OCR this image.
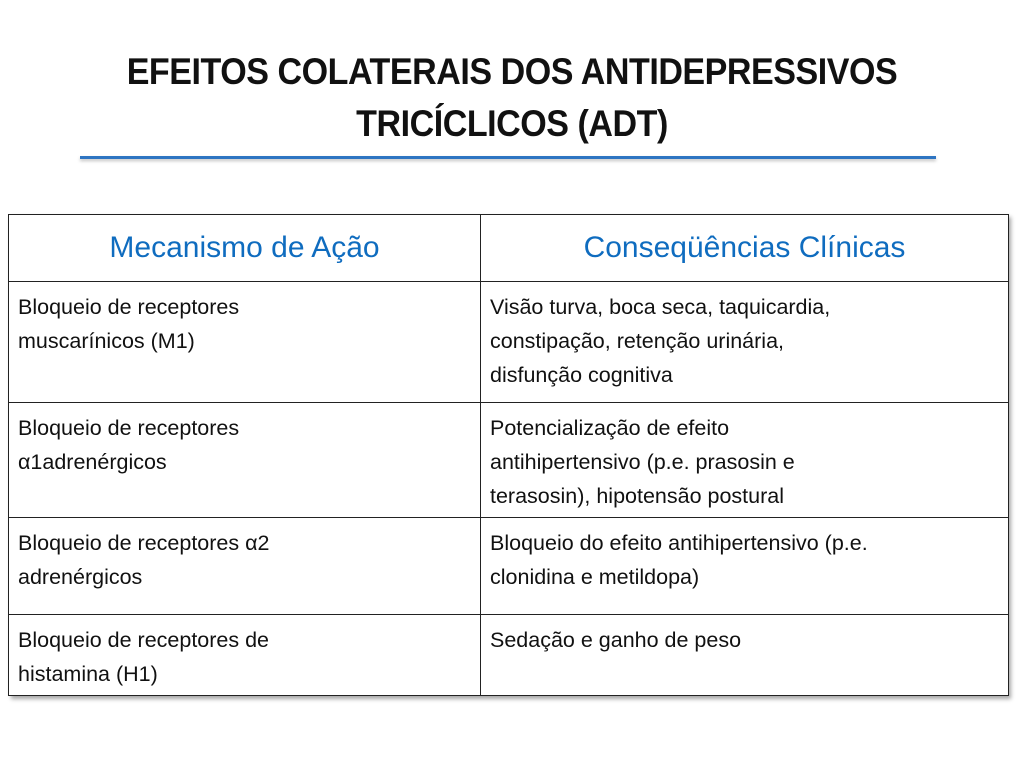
EFEITOS COLATERAIS DOS ANTIDEPRESSIVOS
TRICÍCLICOS (ADT)
Mecanismo de Ação	Conseqüências Clínicas

Bloqueio de receptores
muscarínicos (M1)	Visão turva, boca seca, taquicardia,
constipação, retenção urinária,
disfunção cognitiva

Bloqueio de receptores
α1adrenérgicos	Potencialização de efeito
antihipertensivo (p.e. prasosin e
terasosin), hipotensão postural

Bloqueio de receptores α2
adrenérgicos	Bloqueio do efeito antihipertensivo (p.e.
clonidina e metildopa)

Bloqueio de receptores de
histamina (H1)	Sedação e ganho de peso
